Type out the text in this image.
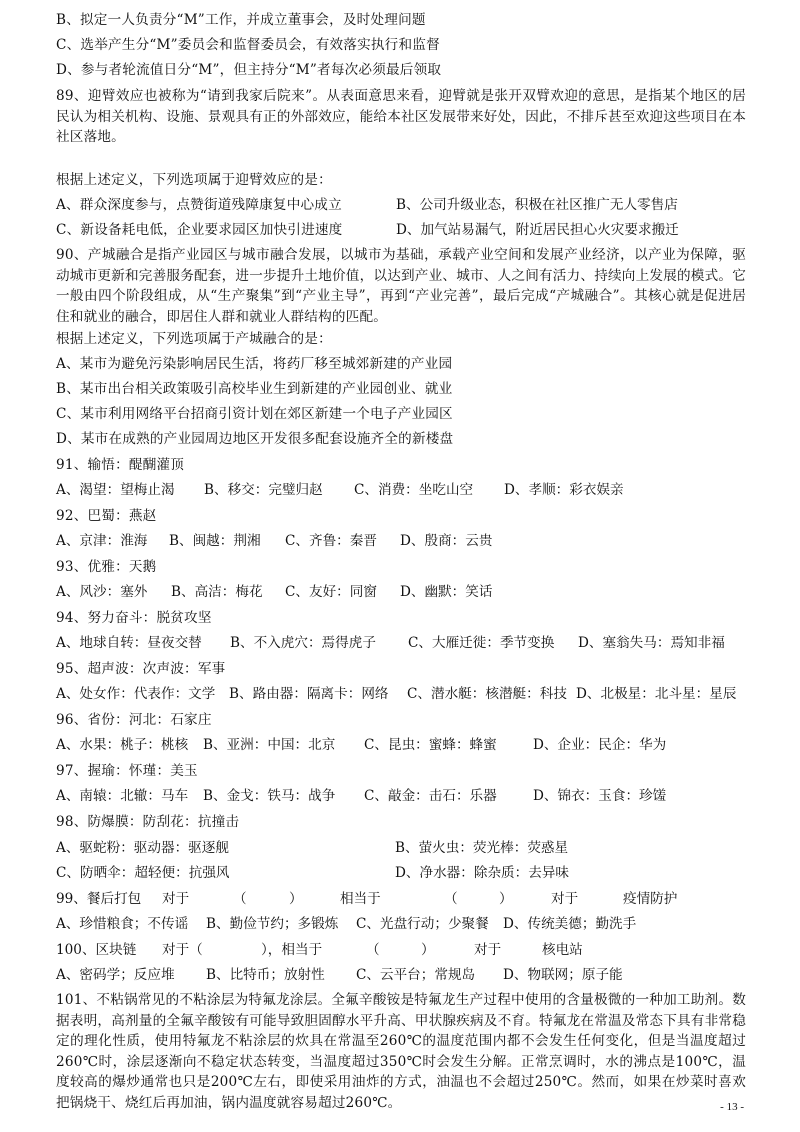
B、拟定一人负责分“M”工作，并成立董事会，及时处理问题
C、选举产生分“M”委员会和监督委员会，有效落实执行和监督
D、参与者轮流值日分“M”，但主持分“M”者每次必须最后领取
89、迎臂效应也被称为“请到我家后院来”。从表面意思来看，迎臂就是张开双臂欢迎的意思，是指某个地区的居民认为相关机构、设施、景观具有正的外部效应，能给本社区发展带来好处，因此，不排斥甚至欢迎这些项目在本社区落地。
根据上述定义，下列选项属于迎臂效应的是：
A、群众深度参与，点赞街道残障康复中心成立	B、公司升级业态，积极在社区推广无人零售店
C、新设备耗电低，企业要求园区加快引进速度	D、加气站易漏气，附近居民担心火灾要求搬迁
90、产城融合是指产业园区与城市融合发展，以城市为基础，承载产业空间和发展产业经济，以产业为保障，驱动城市更新和完善服务配套，进一步提升土地价值，以达到产业、城市、人之间有活力、持续向上发展的模式。它一般由四个阶段组成，从“生产聚集”到“产业主导”，再到“产业完善”，最后完成“产城融合”。其核心就是促进居住和就业的融合，即居住人群和就业人群结构的匹配。
根据上述定义，下列选项属于产城融合的是：
A、某市为避免污染影响居民生活，将药厂移至城郊新建的产业园
B、某市出台相关政策吸引高校毕业生到新建的产业园创业、就业
C、某市利用网络平台招商引资计划在郊区新建一个电子产业园区
D、某市在成熟的产业园周边地区开发很多配套设施齐全的新楼盘
91、输悟：醍醐灌顶
A、渴望：望梅止渴 B、移交：完璧归赵 C、消费：坐吃山空 D、孝顺：彩衣娱亲
92、巴蜀：燕赵
A、京津：淮海 B、闽越：荆湘 C、齐鲁：秦晋 D、殷商：云贵
93、优雅：天鹅
A、风沙：塞外 B、高洁：梅花 C、友好：同窗 D、幽默：笑话
94、努力奋斗：脱贫攻坚
A、地球自转：昼夜交替 B、不入虎穴：焉得虎子 C、大雁迁徙：季节变换 D、塞翁失马：焉知非福
95、超声波：次声波：军事
A、处女作：代表作：文学 B、路由器：隔离卡：网络 C、潜水艇：核潜艇：科技 D、北极星：北斗星：星辰
96、省份：河北：石家庄
A、水果：桃子：桃核 B、亚洲：中国：北京 C、昆虫：蜜蜂：蜂蜜	D、企业：民企：华为
97、握瑜：怀瑾：美玉
A、南辕：北辙：马车 B、金戈：铁马：战争 C、敲金：击石：乐器	D、锦衣：玉食：珍馐
98、防爆膜：防刮花：抗撞击
A、驱蛇粉：驱动器：驱逐舰	B、萤火虫：荧光棒：荧惑星
C、防晒伞：超轻便：抗强风	D、净水器：除杂质：去异味
99、餐后打包 对于	（	）	相当于	（	）	对于	疫情防护
A、珍惜粮食；不传谣 B、勤俭节约；多锻炼 C、光盘行动；少聚餐 D、传统美德；勤洗手
100、区块链 对于（	），相当于	（	）	对于	核电站
A、密码学；反应堆 B、比特币；放射性 C、云平台；常规岛 D、物联网；原子能
101、不粘锅常见的不粘涂层为特氟龙涂层。全氟辛酸铵是特氟龙生产过程中使用的含量极微的一种加工助剂。数据表明，高剂量的全氟辛酸铵有可能导致胆固醇水平升高、甲状腺疾病及不育。特氟龙在常温及常态下具有非常稳定的理化性质，使用特氟龙不粘涂层的炊具在常温至260℃的温度范围内都不会发生任何变化，但是当温度超过260℃时，涂层逐渐向不稳定状态转变，当温度超过350℃时会发生分解。正常烹调时，水的沸点是100℃，温度较高的爆炒通常也只是200℃左右，即使采用油炸的方式，油温也不会超过250℃。然而，如果在炒菜时喜欢把锅烧干、烧红后再加油，锅内温度就容易超过260℃。	- 13 -
